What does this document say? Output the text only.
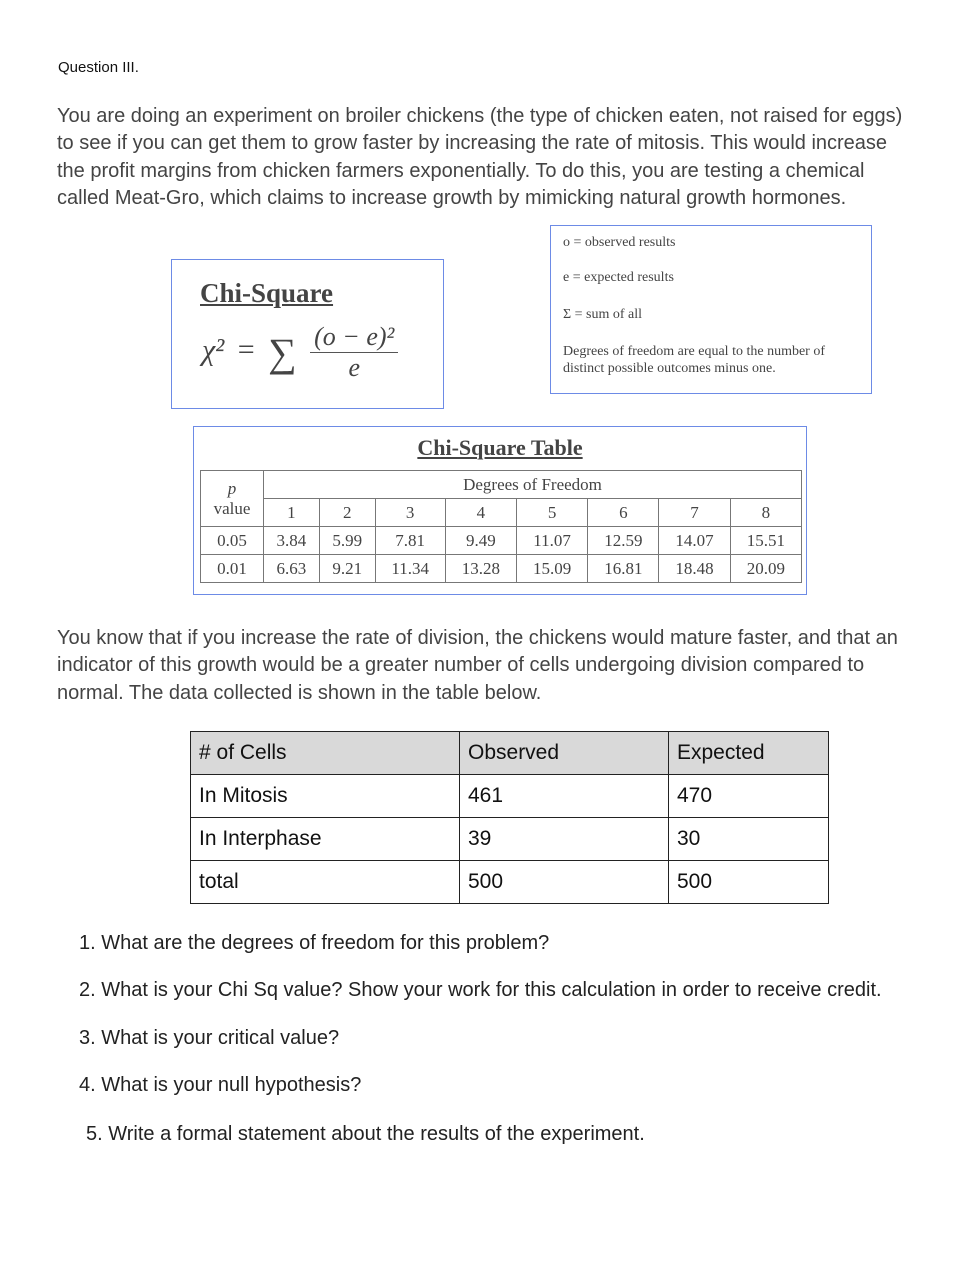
Question III.
You are doing an experiment on broiler chickens (the type of chicken eaten, not raised for eggs) to see if you can get them to grow faster by increasing the rate of mitosis. This would increase the profit margins from chicken farmers exponentially. To do this, you are testing a chemical called Meat-Gro, which claims to increase growth by mimicking natural growth hormones.
Chi-Square
χ² = ∑ $\frac{\text{(o − e)²}}{e}$
o = observed results
e = expected results
Σ = sum of all
Degrees of freedom are equal to the number of distinct possible outcomes minus one.
Chi-Square Table
p
value	Degrees of Freedom							
	1	2	3	4	5	6	7	8
0.05	3.84	5.99	7.81	9.49	11.07	12.59	14.07	15.51
0.01	6.63	9.21	11.34	13.28	15.09	16.81	18.48	20.09
You know that if you increase the rate of division, the chickens would mature faster, and that an indicator of this growth would be a greater number of cells undergoing division compared to normal. The data collected is shown in the table below.
# of Cells	Observed	Expected
In Mitosis	461	470
In Interphase	39	30
total	500	500
1. What are the degrees of freedom for this problem?
2. What is your Chi Sq value? Show your work for this calculation in order to receive credit.
3. What is your critical value?
4. What is your null hypothesis?
5. Write a formal statement about the results of the experiment.
